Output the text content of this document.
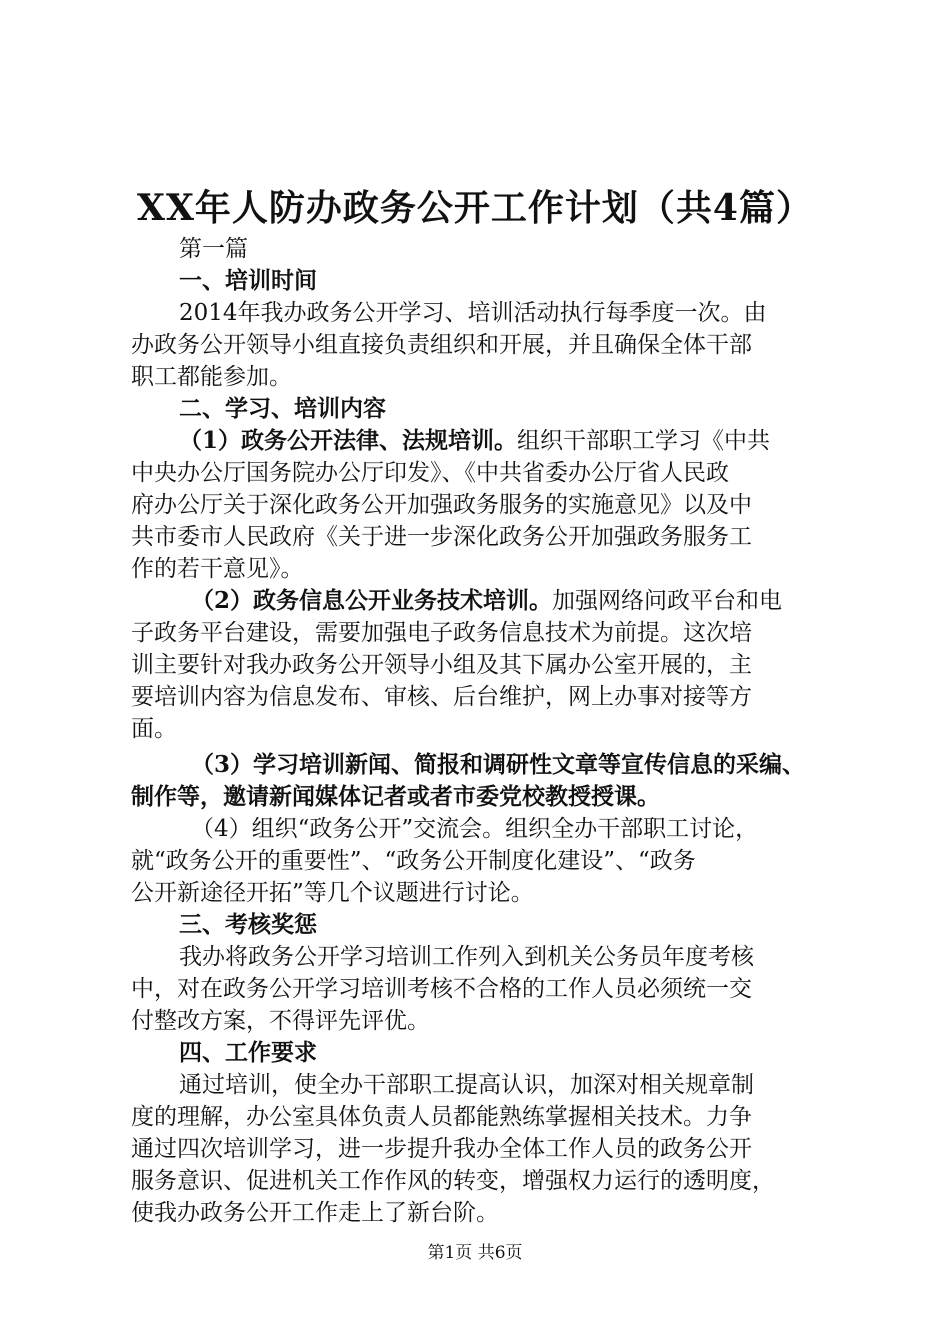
XX年人防办政务公开工作计划（共4篇）
第一篇
一、培训时间
2014年我办政务公开学习、培训活动执行每季度一次。由
办政务公开领导小组直接负责组织和开展，并且确保全体干部
职工都能参加。
二、学习、培训内容
（1）政务公开法律、法规培训。组织干部职工学习《中共
中央办公厅国务院办公厅印发》、《中共省委办公厅省人民政
府办公厅关于深化政务公开加强政务服务的实施意见》以及中
共市委市人民政府《关于进一步深化政务公开加强政务服务工
作的若干意见》。
（2）政务信息公开业务技术培训。加强网络问政平台和电
子政务平台建设，需要加强电子政务信息技术为前提。这次培
训主要针对我办政务公开领导小组及其下属办公室开展的，主
要培训内容为信息发布、审核、后台维护，网上办事对接等方
面。
（3）学习培训新闻、简报和调研性文章等宣传信息的采编、
制作等，邀请新闻媒体记者或者市委党校教授授课。
（4）组织“政务公开”交流会。组织全办干部职工讨论，
就“政务公开的重要性”、“政务公开制度化建设”、“政务
公开新途径开拓”等几个议题进行讨论。
三、考核奖惩
我办将政务公开学习培训工作列入到机关公务员年度考核
中，对在政务公开学习培训考核不合格的工作人员必须统一交
付整改方案，不得评先评优。
四、工作要求
通过培训，使全办干部职工提高认识，加深对相关规章制
度的理解，办公室具体负责人员都能熟练掌握相关技术。力争
通过四次培训学习，进一步提升我办全体工作人员的政务公开
服务意识、促进机关工作作风的转变，增强权力运行的透明度，
使我办政务公开工作走上了新台阶。
第1页 共6页
